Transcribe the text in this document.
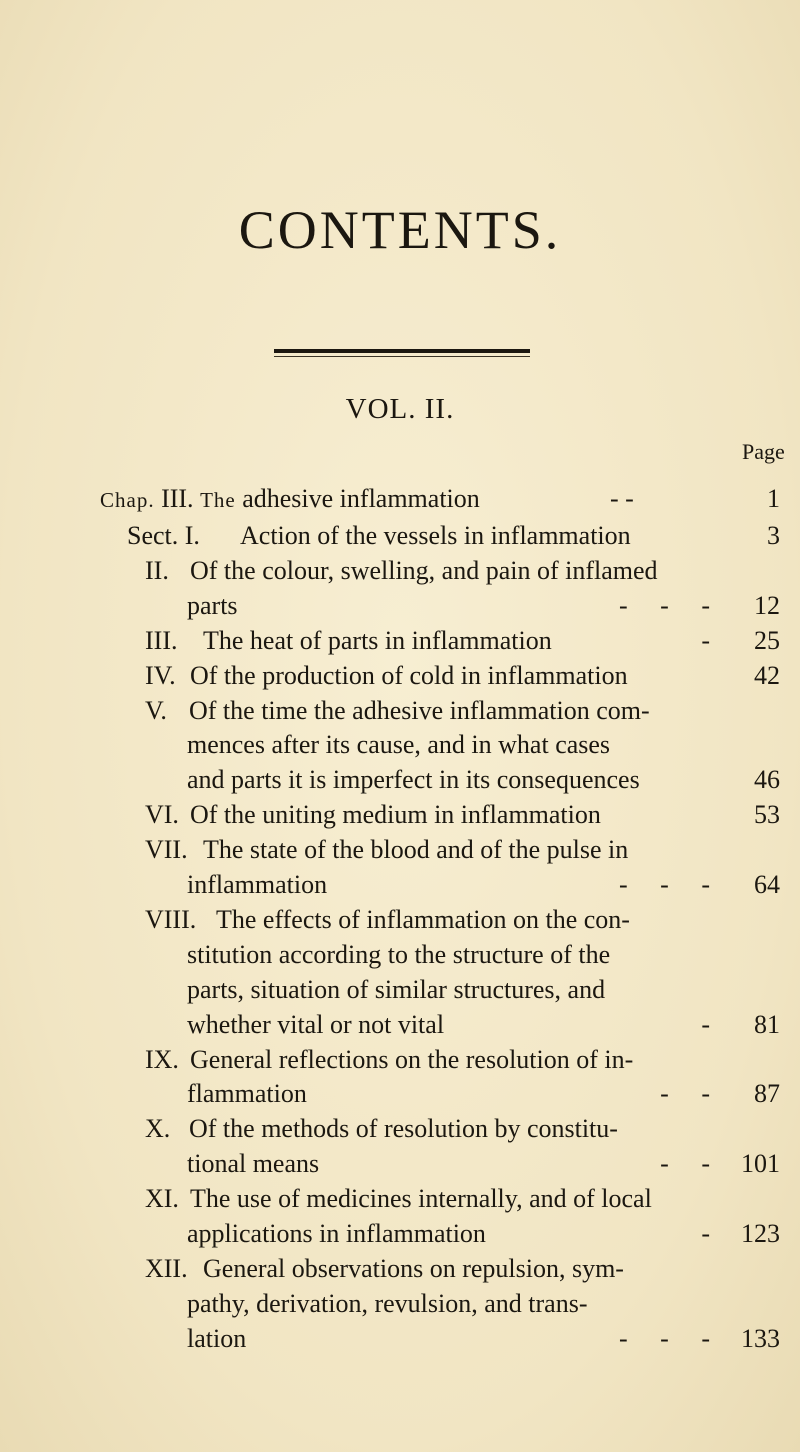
CONTENTS.
VOL. II.
Page
Chap. III. The adhesive inflammation	- -	1
Sect. I. Action of the vessels in inflammation	3
II. Of the colour, swelling, and pain of inflamed
parts	-     -     -	12
III. The heat of parts in inflammation	-	25
IV. Of the production of cold in inflammation	42
V. Of the time the adhesive inflammation com-
mences after its cause, and in what cases
and parts it is imperfect in its consequences	46
VI. Of the uniting medium in inflammation	53
VII. The state of the blood and of the pulse in
inflammation	-     -     -	64
VIII. The effects of inflammation on the con-
stitution according to the structure of the
parts, situation of similar structures, and
whether vital or not vital	-	81
IX. General reflections on the resolution of in-
flammation	-     -	87
X. Of the methods of resolution by constitu-
tional means	-     -	101
XI. The use of medicines internally, and of local
applications in inflammation	-	123
XII. General observations on repulsion, sym-
pathy, derivation, revulsion, and trans-
lation	-     -     -	133
